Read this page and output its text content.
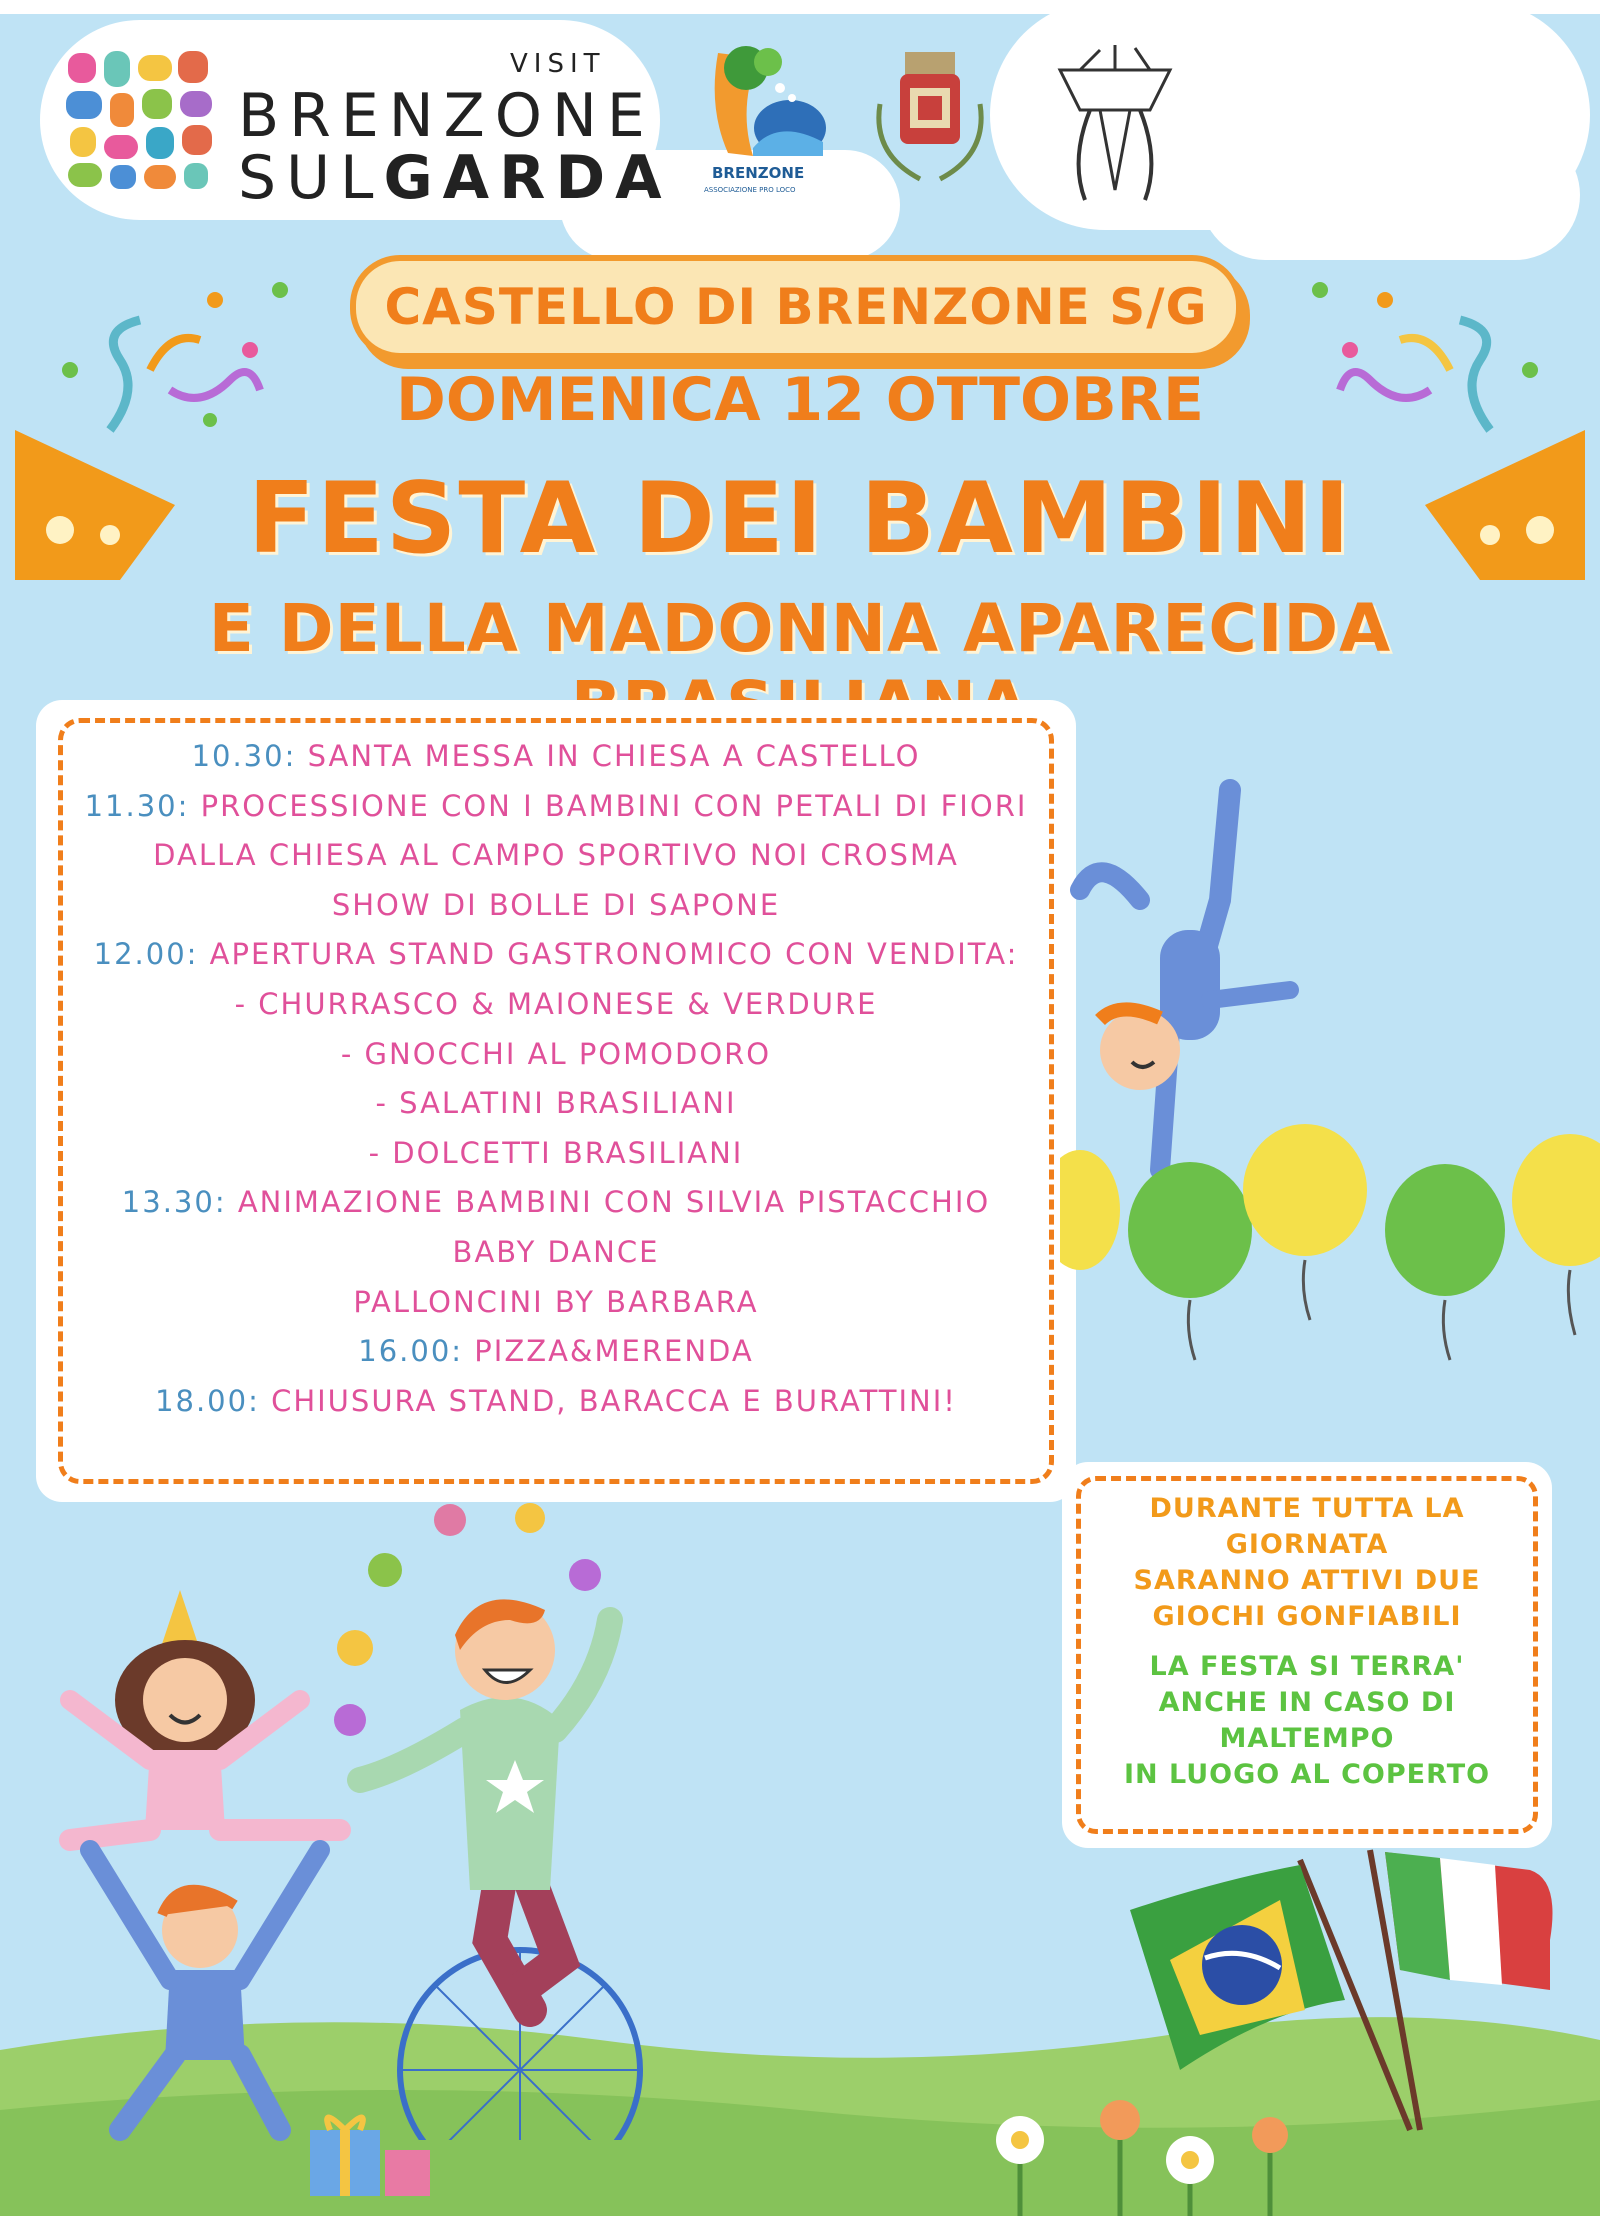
VISIT
BRENZONE
SULGARDA	BRENZONE
ASSOCIAZIONE PRO LOCO
CASTELLO DI BRENZONE S/G
DOMENICA 12 OTTOBRE
FESTA DEI BAMBINI
E DELLA MADONNA APARECIDA
10.30: SANTA MESSA IN CHIESA A CASTELLO
11.30: PROCESSIONE CON I BAMBINI CON PETALI DI FIORI
DALLA CHIESA AL CAMPO SPORTIVO NOI CROSMA
SHOW DI BOLLE DI SAPONE
12.00: APERTURA STAND GASTRONOMICO CON VENDITA:
- CHURRASCO & MAIONESE & VERDURE
- GNOCCHI AL POMODORO
- SALATINI BRASILIANI
- DOLCETTI BRASILIANI
13.30: ANIMAZIONE BAMBINI CON SILVIA PISTACCHIO
BABY DANCE
PALLONCINI BY BARBARA
16.00: PIZZA&MERENDA
18.00: CHIUSURA STAND, BARACCA E BURATTINI!
DURANTE TUTTA LA
GIORNATA
SARANNO ATTIVI DUE
GIOCHI GONFIABILI
LA FESTA SI TERRA'
ANCHE IN CASO DI
MALTEMPO
IN LUOGO AL COPERTO
